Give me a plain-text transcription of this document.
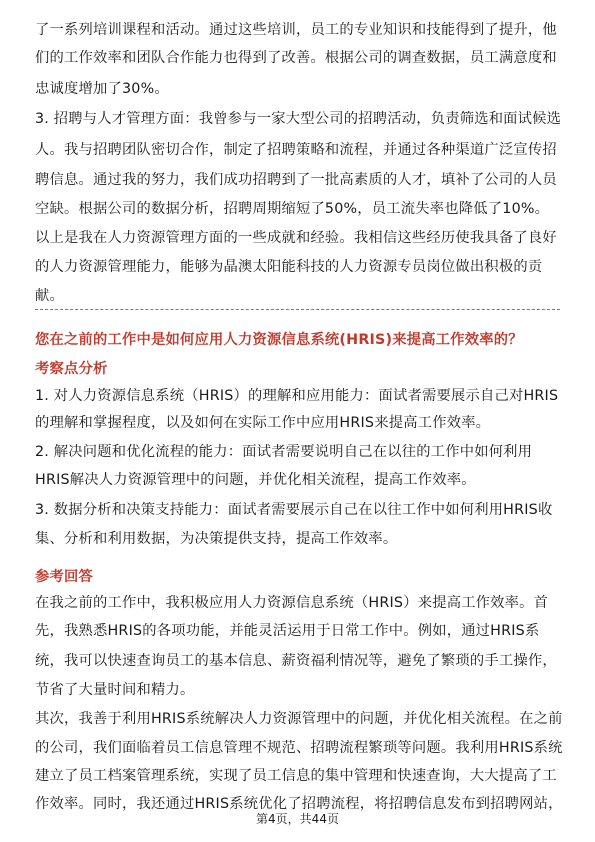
了一系列培训课程和活动。通过这些培训，员工的专业知识和技能得到了提升，他
们的工作效率和团队合作能力也得到了改善。根据公司的调查数据，员工满意度和
忠诚度增加了30%。
3. 招聘与人才管理方面：我曾参与一家大型公司的招聘活动，负责筛选和面试候选
人。我与招聘团队密切合作，制定了招聘策略和流程，并通过各种渠道广泛宣传招
聘信息。通过我的努力，我们成功招聘到了一批高素质的人才，填补了公司的人员
空缺。根据公司的数据分析，招聘周期缩短了50%，员工流失率也降低了10%。
以上是我在人力资源管理方面的一些成就和经验。我相信这些经历使我具备了良好
的人力资源管理能力，能够为晶澳太阳能科技的人力资源专员岗位做出积极的贡
献。
您在之前的工作中是如何应用人力资源信息系统(HRIS)来提高工作效率的？
考察点分析
1. 对人力资源信息系统（HRIS）的理解和应用能力：面试者需要展示自己对HRIS
的理解和掌握程度，以及如何在实际工作中应用HRIS来提高工作效率。
2. 解决问题和优化流程的能力：面试者需要说明自己在以往的工作中如何利用
HRIS解决人力资源管理中的问题，并优化相关流程，提高工作效率。
3. 数据分析和决策支持能力：面试者需要展示自己在以往工作中如何利用HRIS收
集、分析和利用数据，为决策提供支持，提高工作效率。
参考回答
在我之前的工作中，我积极应用人力资源信息系统（HRIS）来提高工作效率。首
先，我熟悉HRIS的各项功能，并能灵活运用于日常工作中。例如，通过HRIS系
统，我可以快速查询员工的基本信息、薪资福利情况等，避免了繁琐的手工操作，
节省了大量时间和精力。
其次，我善于利用HRIS系统解决人力资源管理中的问题，并优化相关流程。在之前
的公司，我们面临着员工信息管理不规范、招聘流程繁琐等问题。我利用HRIS系统
建立了员工档案管理系统，实现了员工信息的集中管理和快速查询，大大提高了工
作效率。同时，我还通过HRIS系统优化了招聘流程，将招聘信息发布到招聘网站，
第4页，共44页
